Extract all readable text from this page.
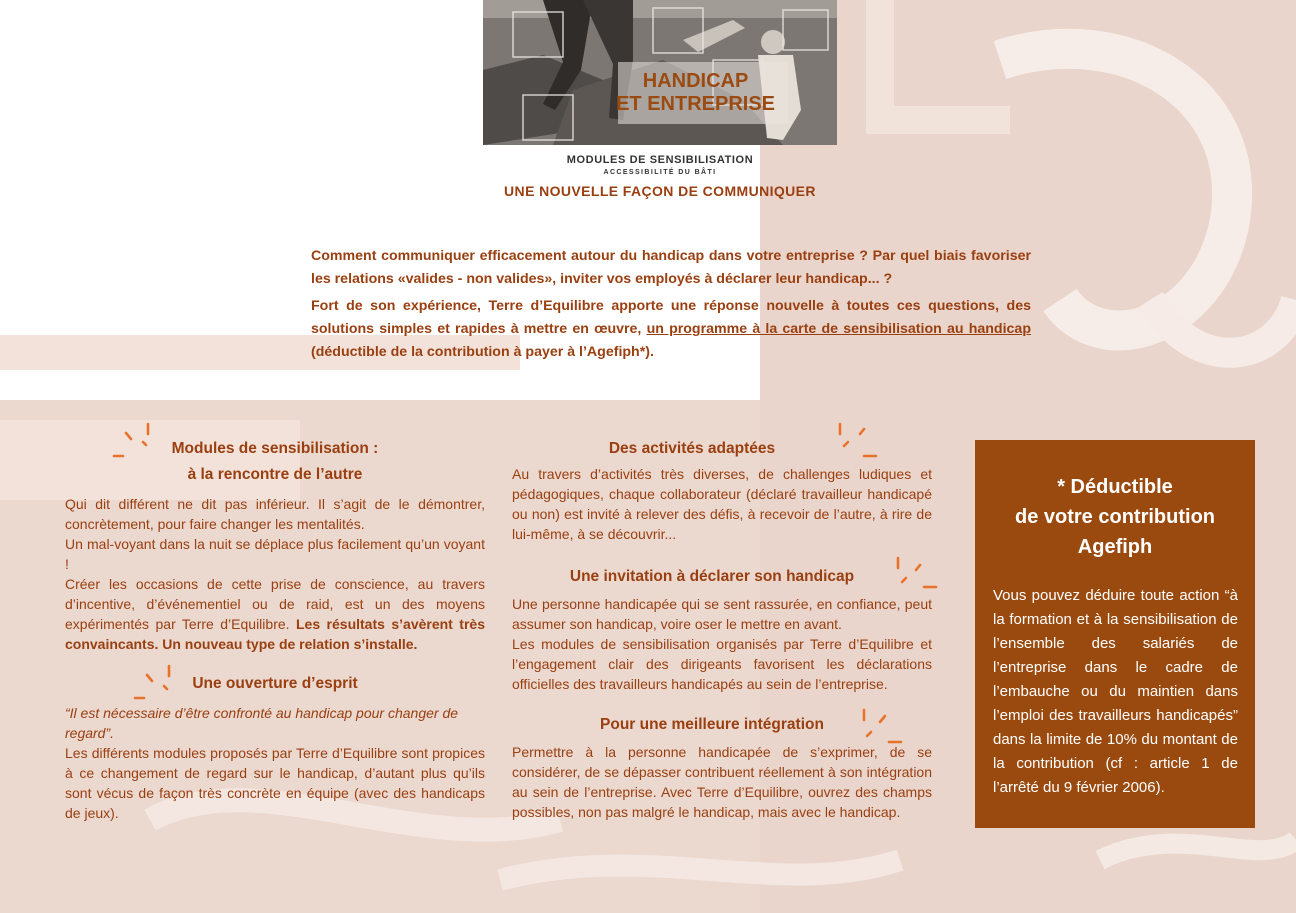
HANDICAP
ET ENTREPRISE
MODULES DE SENSIBILISATION
ACCESSIBILITÉ DU BÂTI
UNE NOUVELLE FAÇON DE COMMUNIQUER

Comment communiquer efficacement autour du handicap dans votre entreprise ? Par quel biais favoriser les relations «valides - non valides», inviter vos employés à déclarer leur handicap... ?

Fort de son expérience, Terre d’Equilibre apporte une réponse nouvelle à toutes ces questions, des solutions simples et rapides à mettre en œuvre, un programme à la carte de sensibilisation au handicap (déductible de la contribution à payer à l’Agefiph*).

Modules de sensibilisation :
à la rencontre de l’autre

Qui dit différent ne dit pas inférieur. Il s’agit de le démontrer, concrètement, pour faire changer les mentalités.

Un mal-voyant dans la nuit se déplace plus facilement qu’un voyant !

Créer les occasions de cette prise de conscience, au travers d’incentive, d’événementiel ou de raid, est un des moyens expérimentés par Terre d’Equilibre. Les résultats s’avèrent très convaincants. Un nouveau type de relation s’installe.

Une ouverture d’esprit

“Il est nécessaire d’être confronté au handicap pour changer de regard”.

Les différents modules proposés par Terre d’Equilibre sont propices à ce changement de regard sur le handicap, d’autant plus qu’ils sont vécus de façon très concrète en équipe (avec des handicaps de jeux).

Des activités adaptées

Au travers d’activités très diverses, de challenges ludiques et pédagogiques, chaque collaborateur (déclaré travailleur handicapé ou non) est invité à relever des défis, à recevoir de l’autre, à rire de lui-même, à se découvrir...

Une invitation à déclarer son handicap

Une personne handicapée qui se sent rassurée, en confiance, peut assumer son handicap, voire oser le mettre en avant.

Les modules de sensibilisation organisés par Terre d’Equilibre et l’engagement clair des dirigeants favorisent les déclarations officielles des travailleurs handicapés au sein de l’entreprise.

Pour une meilleure intégration

Permettre à la personne handicapée de s’exprimer, de se considérer, de se dépasser contribuent réellement à son intégration au sein de l’entreprise. Avec Terre d’Equilibre, ouvrez des champs possibles, non pas malgré le handicap, mais avec le handicap.

* Déductible
de votre contribution
Agefiph
Vous pouvez déduire toute action “à la formation et à la sensibilisation de l’ensemble des salariés de l’entreprise dans le cadre de l’embauche ou du maintien dans l’emploi des travailleurs handicapés” dans la limite de 10% du montant de la contribution (cf : article 1 de l’arrêté du 9 février 2006).
